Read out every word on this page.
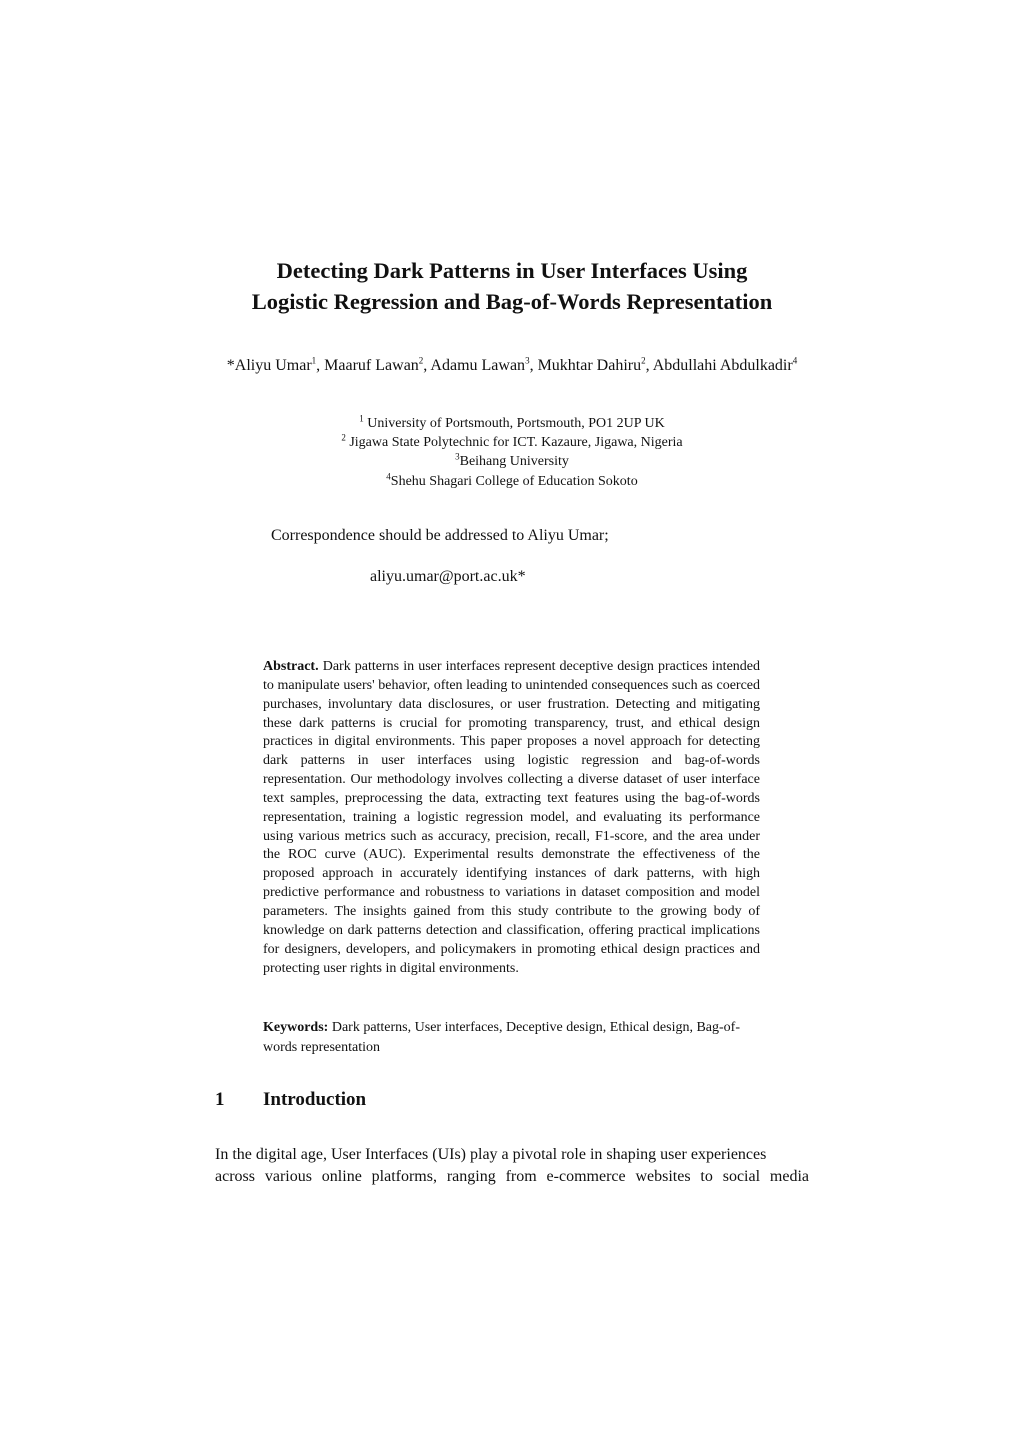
Detecting Dark Patterns in User Interfaces Using
Logistic Regression and Bag-of-Words Representation
*Aliyu Umar$^1$, Maaruf Lawan$^2$, Adamu Lawan$^3$, Mukhtar Dahiru$^2$, Abdullahi Abdulkadir$^4$
$^1$ University of Portsmouth, Portsmouth, PO1 2UP UK
$^2$ Jigawa State Polytechnic for ICT. Kazaure, Jigawa, Nigeria
$^3$Beihang University
$^4$Shehu Shagari College of Education Sokoto
Correspondence should be addressed to Aliyu Umar;
aliyu.umar@port.ac.uk*
Abstract. Dark patterns in user interfaces represent deceptive design practices intended to manipulate users' behavior, often leading to unintended consequences such as coerced purchases, involuntary data disclosures, or user frustration. Detecting and mitigating these dark patterns is crucial for promoting transparency, trust, and ethical design practices in digital environments. This paper proposes a novel approach for detecting dark patterns in user interfaces using logistic regression and bag-of-words representation. Our methodology involves collecting a diverse dataset of user interface text samples, preprocessing the data, extracting text features using the bag-of-words representation, training a logistic regression model, and evaluating its performance using various metrics such as accuracy, precision, recall, F1-score, and the area under the ROC curve (AUC). Experimental results demonstrate the effectiveness of the proposed approach in accurately identifying instances of dark patterns, with high predictive performance and robustness to variations in dataset composition and model parameters. The insights gained from this study contribute to the growing body of knowledge on dark patterns detection and classification, offering practical implications for designers, developers, and policymakers in promoting ethical design practices and protecting user rights in digital environments.
Keywords: Dark patterns, User interfaces, Deceptive design, Ethical design, Bag-of-words representation
1 Introduction
In the digital age, User Interfaces (UIs) play a pivotal role in shaping user experiences
across various online platforms, ranging from e-commerce websites to social media
